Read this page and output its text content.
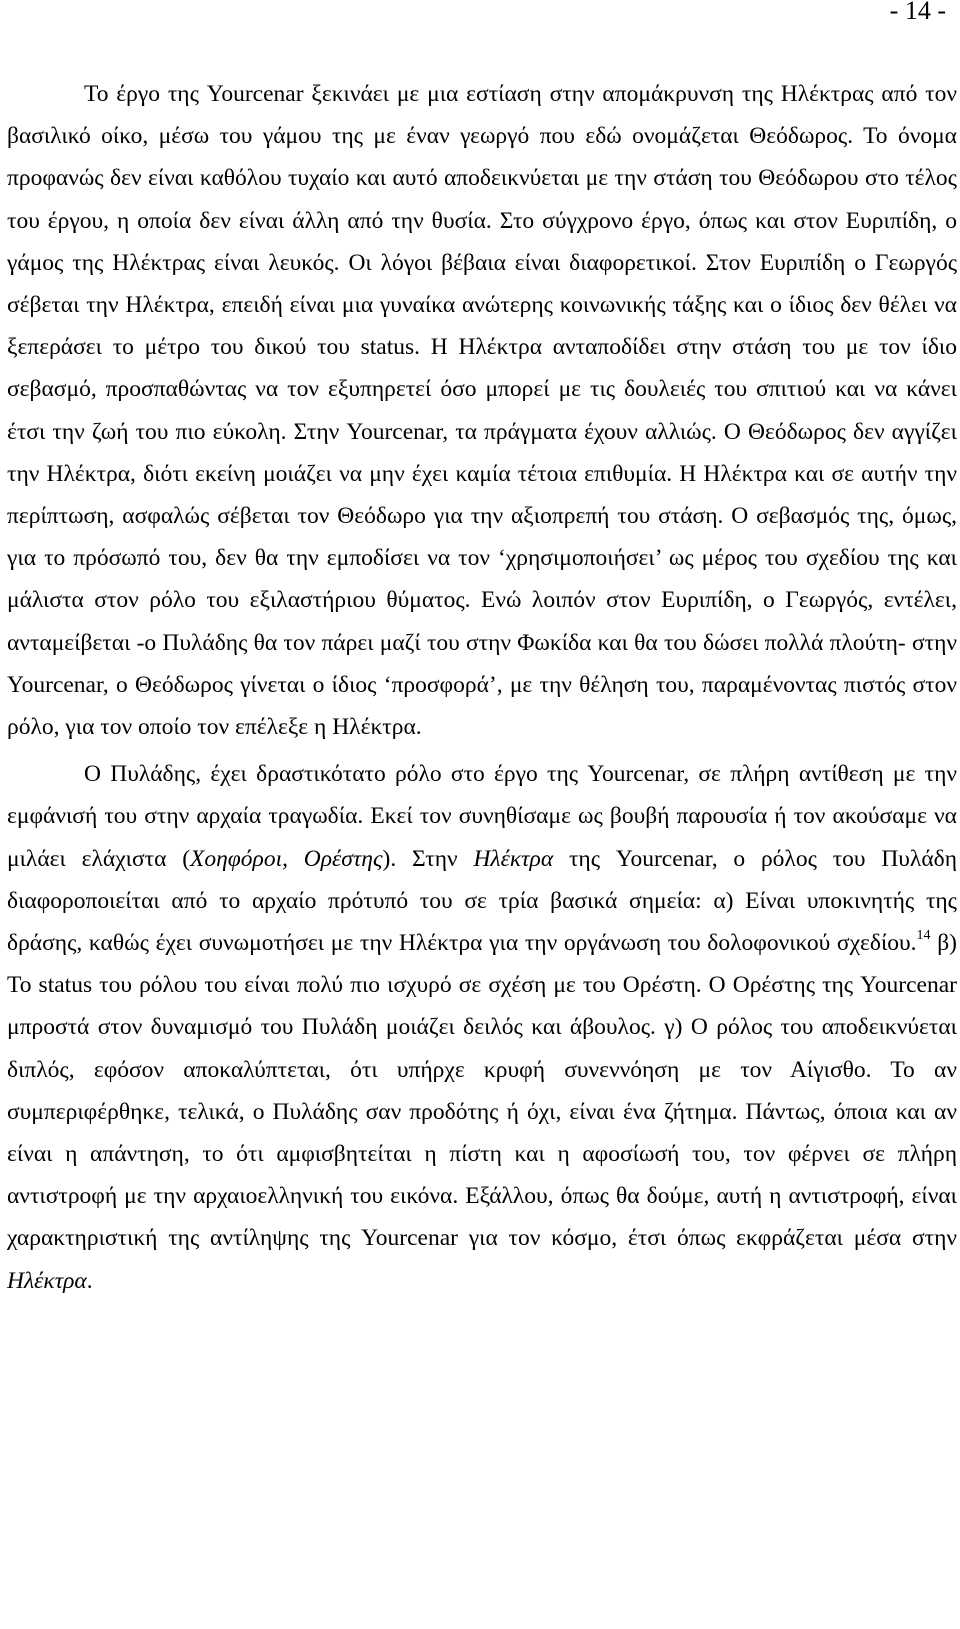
- 14 -

Το έργο της Yourcenar ξεκινάει με μια εστίαση στην απομάκρυνση της Ηλέκτρας από τον βασιλικό οίκο, μέσω του γάμου της με έναν γεωργό που εδώ ονομάζεται Θεόδωρος. Το όνομα προφανώς δεν είναι καθόλου τυχαίο και αυτό αποδεικνύεται με την στάση του Θεόδωρου στο τέλος του έργου, η οποία δεν είναι άλλη από την θυσία. Στο σύγχρονο έργο, όπως και στον Ευριπίδη, ο γάμος της Ηλέκτρας είναι λευκός. Οι λόγοι βέβαια είναι διαφορετικοί. Στον Ευριπίδη ο Γεωργός σέβεται την Ηλέκτρα, επειδή είναι μια γυναίκα ανώτερης κοινωνικής τάξης και ο ίδιος δεν θέλει να ξεπεράσει το μέτρο του δικού του status. Η Ηλέκτρα ανταποδίδει στην στάση του με τον ίδιο σεβασμό, προσπαθώντας να τον εξυπηρετεί όσο μπορεί με τις δουλειές του σπιτιού και να κάνει έτσι την ζωή του πιο εύκολη. Στην Yourcenar, τα πράγματα έχουν αλλιώς. Ο Θεόδωρος δεν αγγίζει την Ηλέκτρα, διότι εκείνη μοιάζει να μην έχει καμία τέτοια επιθυμία. Η Ηλέκτρα και σε αυτήν την περίπτωση, ασφαλώς σέβεται τον Θεόδωρο για την αξιοπρεπή του στάση. Ο σεβασμός της, όμως, για το πρόσωπό του, δεν θα την εμποδίσει να τον ‘χρησιμοποιήσει’ ως μέρος του σχεδίου της και μάλιστα στον ρόλο του εξιλαστήριου θύματος. Ενώ λοιπόν στον Ευριπίδη, ο Γεωργός, εντέλει, ανταμείβεται -ο Πυλάδης θα τον πάρει μαζί του στην Φωκίδα και θα του δώσει πολλά πλούτη- στην Yourcenar, ο Θεόδωρος γίνεται ο ίδιος ‘προσφορά’, με την θέληση του, παραμένοντας πιστός στον ρόλο, για τον οποίο τον επέλεξε η Ηλέκτρα.

Ο Πυλάδης, έχει δραστικότατο ρόλο στο έργο της Yourcenar, σε πλήρη αντίθεση με την εμφάνισή του στην αρχαία τραγωδία. Εκεί τον συνηθίσαμε ως βουβή παρουσία ή τον ακούσαμε να μιλάει ελάχιστα (Χοηφόροι, Ορέστης). Στην Ηλέκτρα της Yourcenar, ο ρόλος του Πυλάδη διαφοροποιείται από το αρχαίο πρότυπό του σε τρία βασικά σημεία: α) Είναι υποκινητής της δράσης, καθώς έχει συνωμοτήσει με την Ηλέκτρα για την οργάνωση του δολοφονικού σχεδίου.$^{14}$ β) Το status του ρόλου του είναι πολύ πιο ισχυρό σε σχέση με του Ορέστη. Ο Ορέστης της Yourcenar μπροστά στον δυναμισμό του Πυλάδη μοιάζει δειλός και άβουλος. γ) Ο ρόλος του αποδεικνύεται διπλός, εφόσον αποκαλύπτεται, ότι υπήρχε κρυφή συνεννόηση με τον Αίγισθο. Το αν συμπεριφέρθηκε, τελικά, ο Πυλάδης σαν προδότης ή όχι, είναι ένα ζήτημα. Πάντως, όποια και αν είναι η απάντηση, το ότι αμφισβητείται η πίστη και η αφοσίωσή του, τον φέρνει σε πλήρη αντιστροφή με την αρχαιοελληνική του εικόνα. Εξάλλου, όπως θα δούμε, αυτή η αντιστροφή, είναι χαρακτηριστική της αντίληψης της Yourcenar για τον κόσμο, έτσι όπως εκφράζεται μέσα στην Ηλέκτρα.
